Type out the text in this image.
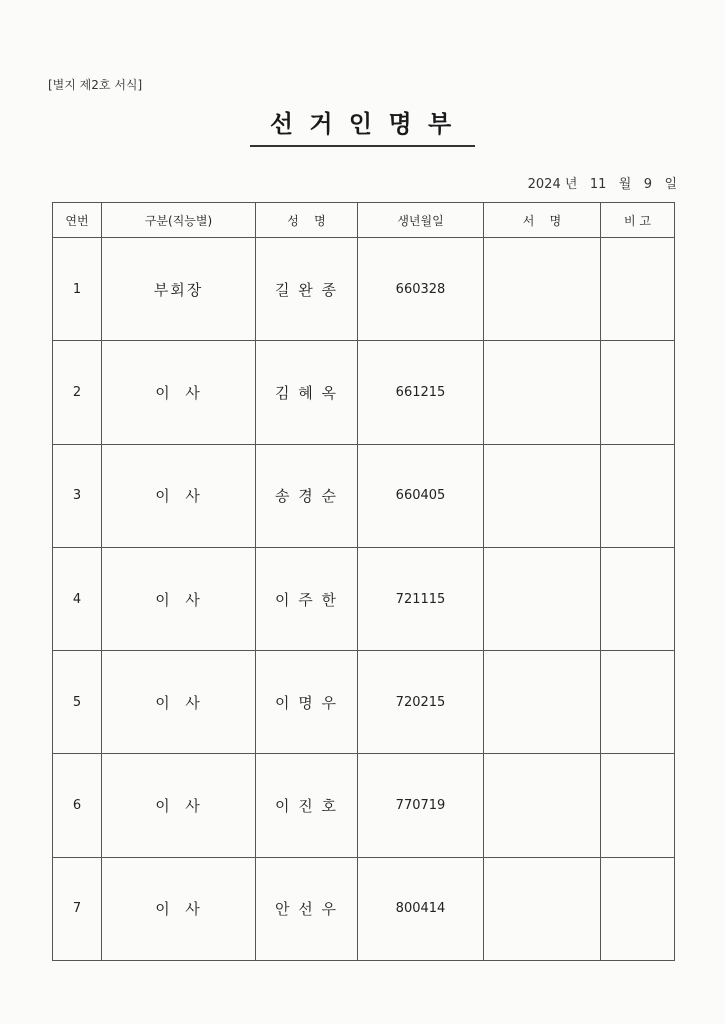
[별지 제2호 서식]
선 거 인 명 부
2024 년 11 월 9 일
연번	구분(직능별)	성    명	생년월일	서    명	비 고
1	부회장	길 완 종	660328		
2	이  사	김 혜 옥	661215		
3	이  사	송 경 순	660405		
4	이  사	이 주 한	721115		
5	이  사	이 명 우	720215		
6	이  사	이 진 호	770719		
7	이  사	안 선 우	800414		
